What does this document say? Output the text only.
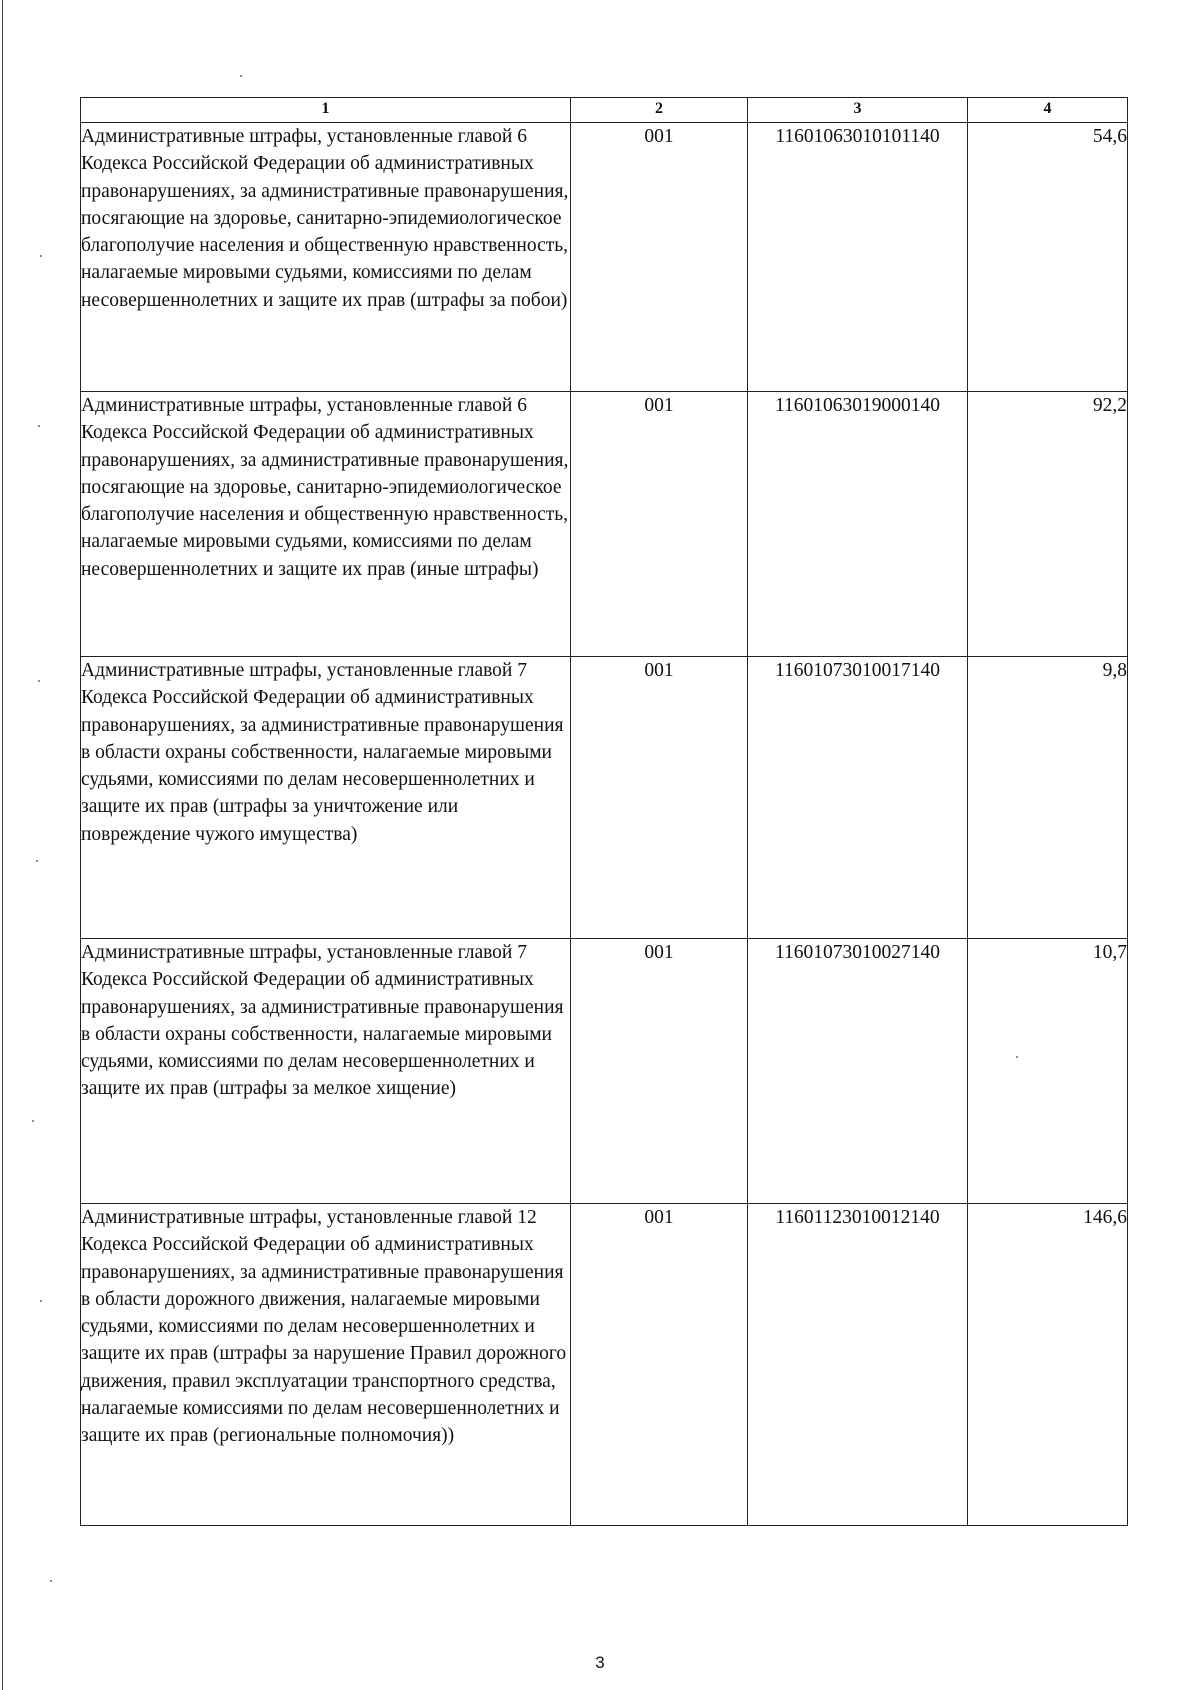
1	2	3	4
Административные штрафы, установленные главой 6 Кодекса Российской Федерации об административных правонарушениях, за административные правонарушения, посягающие на здоровье, санитарно-эпидемиологическое благополучие населения и общественную нравственность, налагаемые мировыми судьями, комиссиями по делам несовершеннолетних и защите их прав (штрафы за побои)	001	11601063010101140	54,6
Административные штрафы, установленные главой 6 Кодекса Российской Федерации об административных правонарушениях, за административные правонарушения, посягающие на здоровье, санитарно-эпидемиологическое благополучие населения и общественную нравственность, налагаемые мировыми судьями, комиссиями по делам несовершеннолетних и защите их прав (иные штрафы)	001	11601063019000140	92,2
Административные штрафы, установленные главой 7 Кодекса Российской Федерации об административных правонарушениях, за административные правонарушения в области охраны собственности, налагаемые мировыми судьями, комиссиями по делам несовершеннолетних и защите их прав (штрафы за уничтожение или повреждение чужого имущества)	001	11601073010017140	9,8
Административные штрафы, установленные главой 7 Кодекса Российской Федерации об административных правонарушениях, за административные правонарушения в области охраны собственности, налагаемые мировыми судьями, комиссиями по делам несовершеннолетних и защите их прав (штрафы за мелкое хищение)	001	11601073010027140	10,7
Административные штрафы, установленные главой 12 Кодекса Российской Федерации об административных правонарушениях, за административные правонарушения в области дорожного движения, налагаемые мировыми судьями, комиссиями по делам несовершеннолетних и защите их прав (штрафы за нарушение Правил дорожного движения, правил эксплуатации транспортного средства, налагаемые комиссиями по делам несовершеннолетних и защите их прав (региональные полномочия))	001	11601123010012140	146,6
3
